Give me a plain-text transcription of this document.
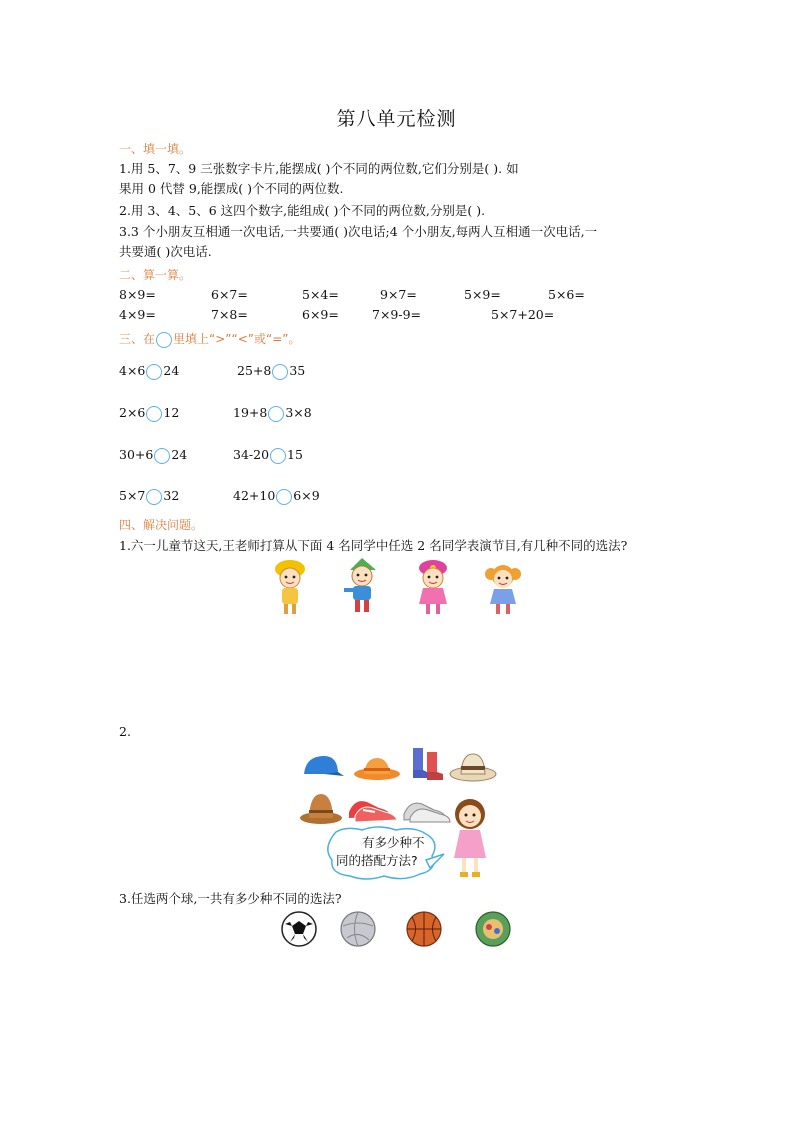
第八单元检测
一、填一填。
1.用 5、7、9 三张数字卡片,能摆成( )个不同的两位数,它们分别是( ). 如
果用 0 代替 9,能摆成( )个不同的两位数.
2.用 3、4、5、6 这四个数字,能组成( )个不同的两位数,分别是( ).
3.3 个小朋友互相通一次电话,一共要通( )次电话;4 个小朋友,每两人互相通一次电话,一
共要通( )次电话.
二、算一算。
8×9=	6×7=	5×4=	9×7=	5×9=	5×6=
4×9=	7×8=	6×9=	7×9-9=	5×7+20=
三、在 里填上“>”“<”或“=”。
4×6 24	25+8 35
2×6 12	19+8 3×8
30+6 24	34-20 15
5×7 32	42+10 6×9
四、解决问题。
1.六一儿童节这天,王老师打算从下面 4 名同学中任选 2 名同学表演节目,有几种不同的选法?
2.
有多少种不
同的搭配方法?
3.任选两个球,一共有多少种不同的选法?
